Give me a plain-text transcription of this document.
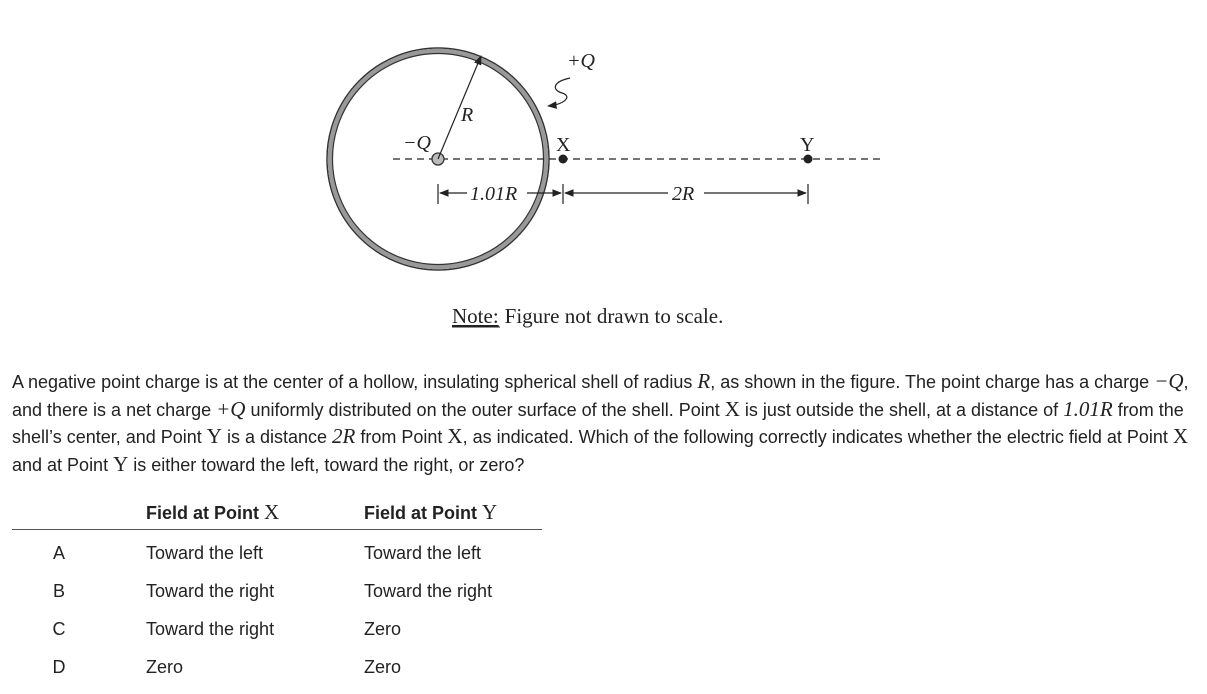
+Q
−Q
R
X	Y
1.01R	2R
Note: Figure not drawn to scale.

A negative point charge is at the center of a hollow, insulating spherical shell of radius R, as shown in the figure. The point charge has a charge −Q, and there is a net charge +Q uniformly distributed on the outer surface of the shell. Point X is just outside the shell, at a distance of 1.01R from the shell’s center, and Point Y is a distance 2R from Point X, as indicated. Which of the following correctly indicates whether the electric field at Point X and at Point Y is either toward the left, toward the right, or zero?

	Field at Point X	Field at Point Y
A	Toward the left	Toward the left
B	Toward the right	Toward the right
C	Toward the right	Zero
D	Zero	Zero
